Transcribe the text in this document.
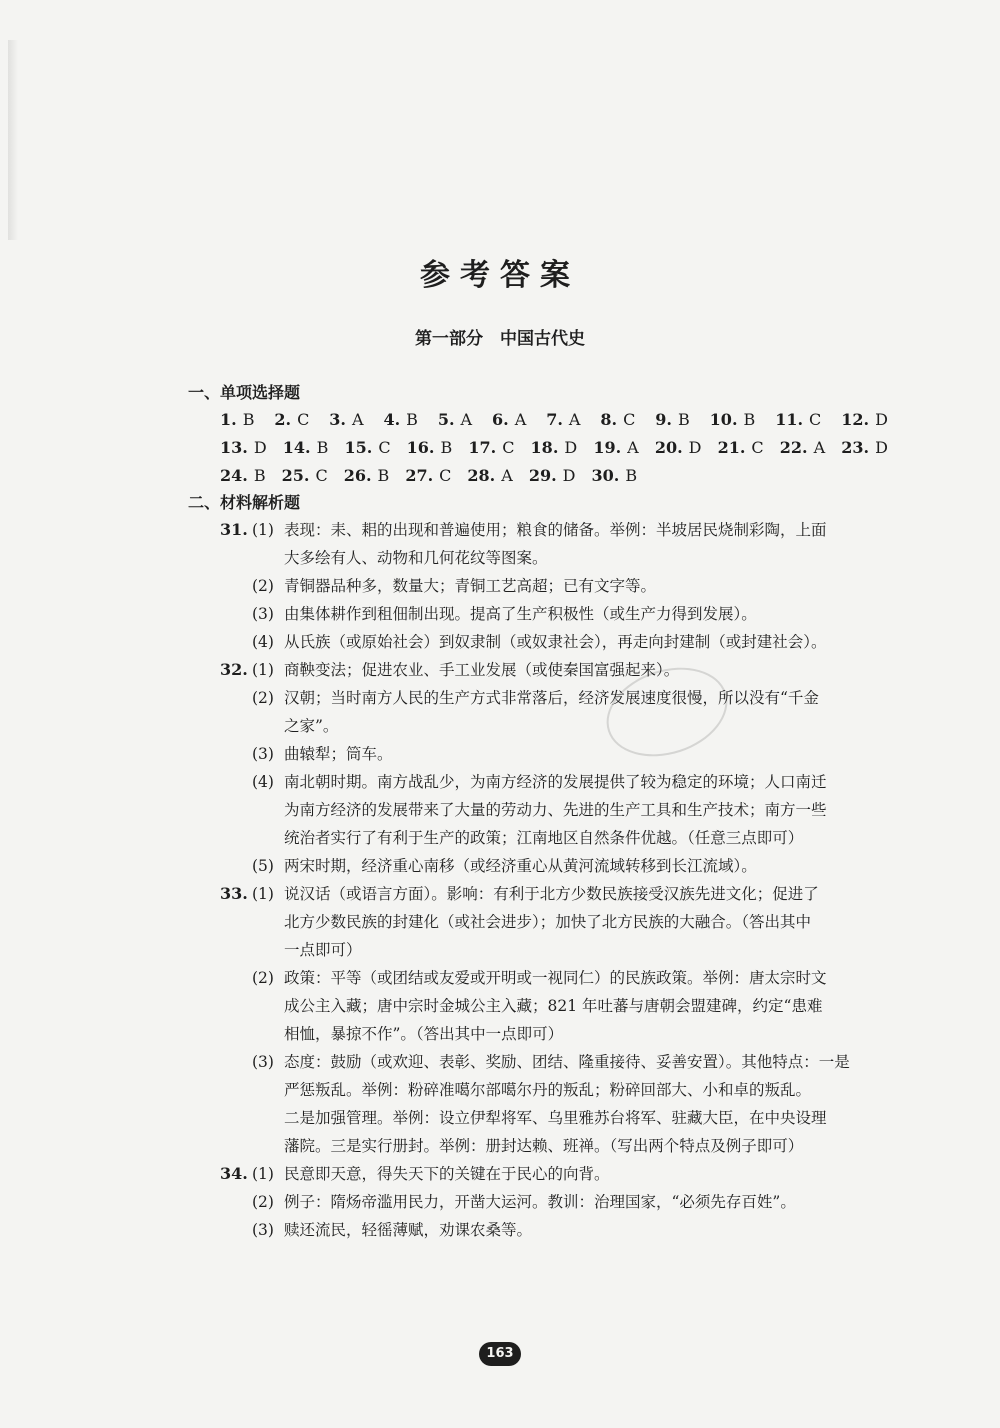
参考答案
第一部分　中国古代史
一、单项选择题
1. B 2. C 3. A 4. B 5. A 6. A 7. A 8. C 9. B 10. B 11. C 12. D
13. D 14. B 15. C 16. B 17. C 18. D 19. A 20. D 21. C 22. A 23. D
24. B 25. C 26. B 27. C 28. A 29. D 30. B
二、材料解析题
31. (1) 表现：耒、耜的出现和普遍使用；粮食的储备。举例：半坡居民烧制彩陶，上面
大多绘有人、动物和几何花纹等图案。
(2) 青铜器品种多，数量大；青铜工艺高超；已有文字等。
(3) 由集体耕作到租佃制出现。提高了生产积极性（或生产力得到发展）。
(4) 从氏族（或原始社会）到奴隶制（或奴隶社会），再走向封建制（或封建社会）。
32. (1) 商鞅变法；促进农业、手工业发展（或使秦国富强起来）。
(2) 汉朝；当时南方人民的生产方式非常落后，经济发展速度很慢，所以没有“千金
之家”。
(3) 曲辕犁；筒车。
(4) 南北朝时期。南方战乱少，为南方经济的发展提供了较为稳定的环境；人口南迁
为南方经济的发展带来了大量的劳动力、先进的生产工具和生产技术；南方一些
统治者实行了有利于生产的政策；江南地区自然条件优越。（任意三点即可）
(5) 两宋时期，经济重心南移（或经济重心从黄河流域转移到长江流域）。
33. (1) 说汉话（或语言方面）。影响：有利于北方少数民族接受汉族先进文化；促进了
北方少数民族的封建化（或社会进步）；加快了北方民族的大融合。（答出其中
一点即可）
(2) 政策：平等（或团结或友爱或开明或一视同仁）的民族政策。举例：唐太宗时文
成公主入藏；唐中宗时金城公主入藏；821 年吐蕃与唐朝会盟建碑，约定“患难
相恤，暴掠不作”。（答出其中一点即可）
(3) 态度：鼓励（或欢迎、表彰、奖励、团结、隆重接待、妥善安置）。其他特点：一是
严惩叛乱。举例：粉碎准噶尔部噶尔丹的叛乱；粉碎回部大、小和卓的叛乱。
二是加强管理。举例：设立伊犁将军、乌里雅苏台将军、驻藏大臣，在中央设理
藩院。三是实行册封。举例：册封达赖、班禅。（写出两个特点及例子即可）
34. (1) 民意即天意，得失天下的关键在于民心的向背。
(2) 例子：隋炀帝滥用民力，开凿大运河。教训：治理国家，“必须先存百姓”。
(3) 赎还流民，轻徭薄赋，劝课农桑等。
163
